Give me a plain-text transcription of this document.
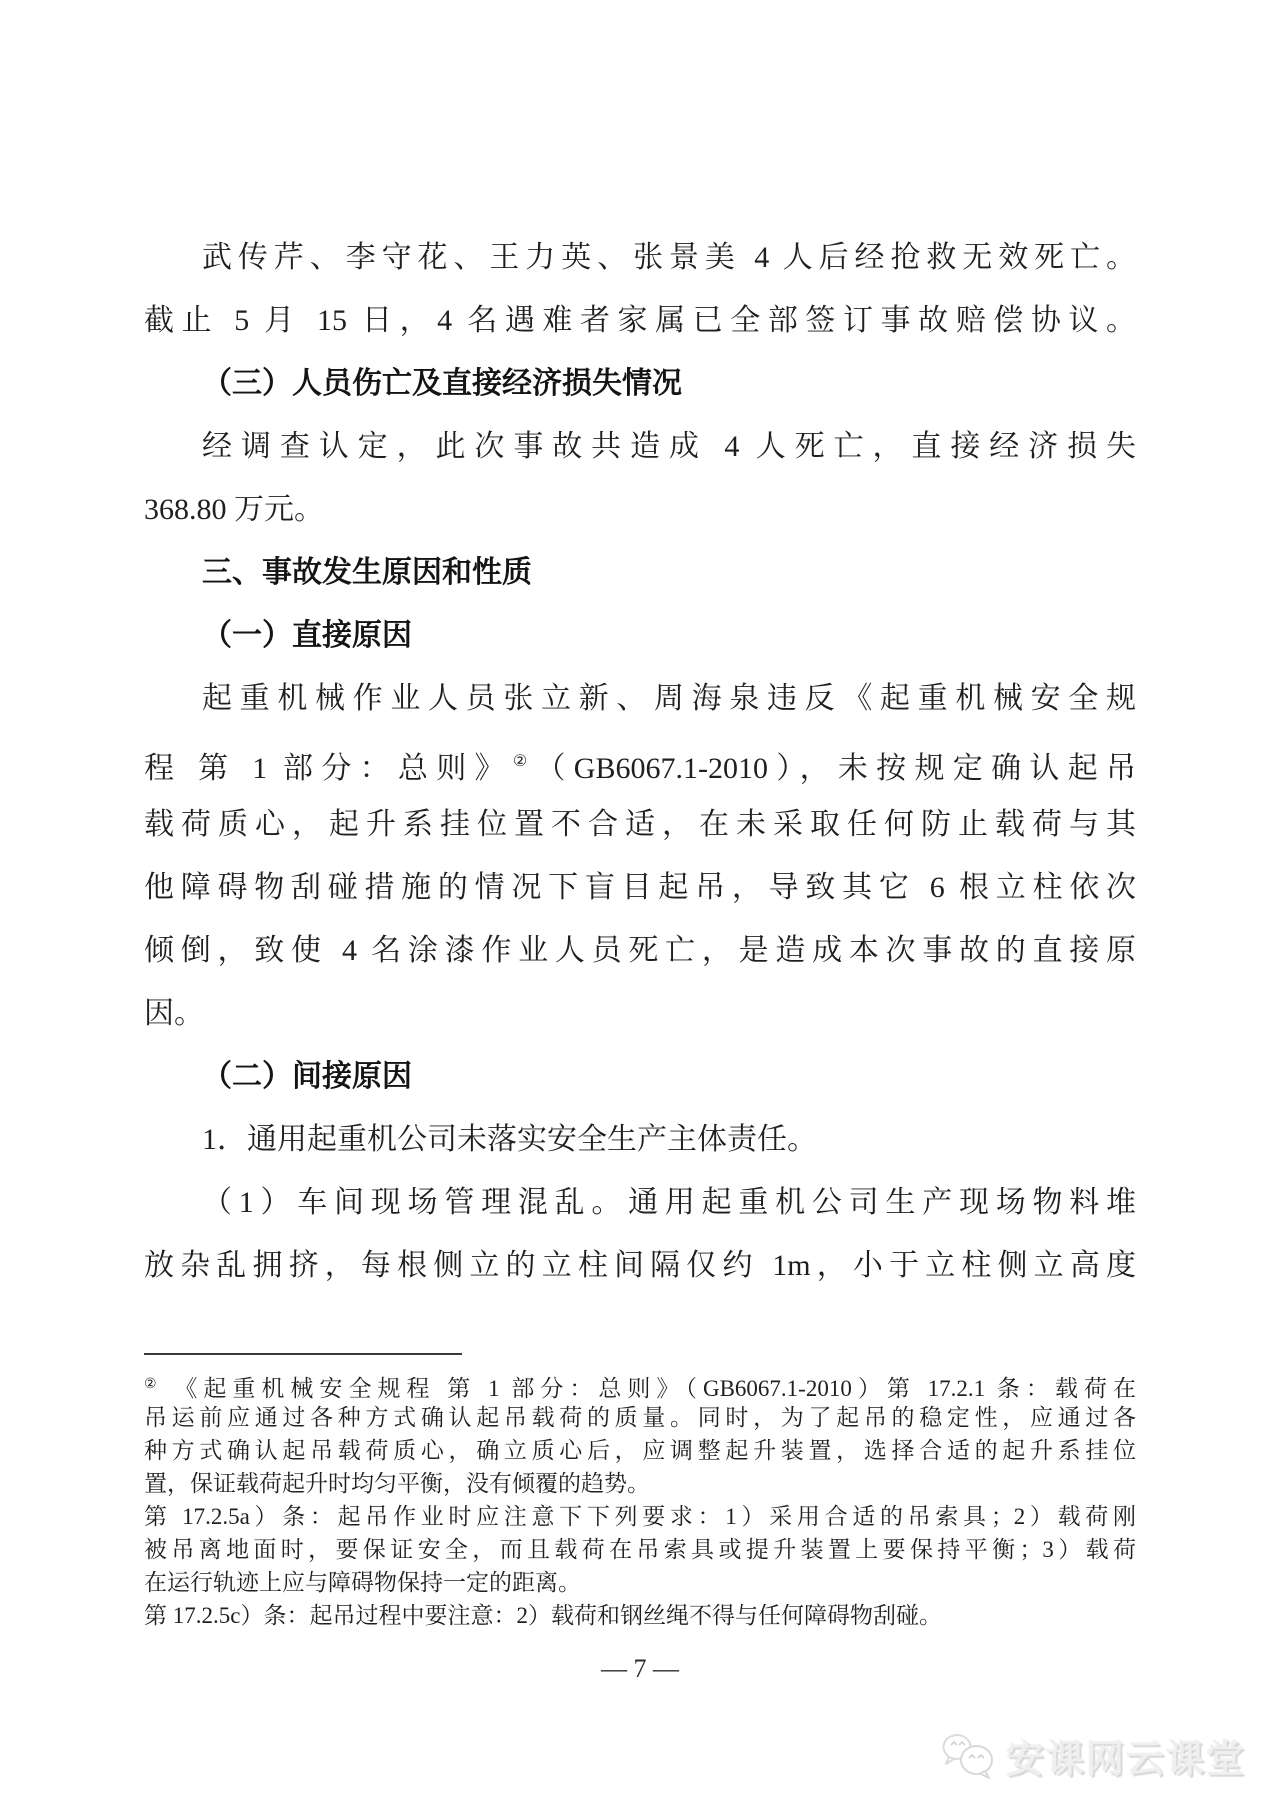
武传芹、李守花、王力英、张景美 4 人后经抢救无效死亡。
截止 5 月 15 日，4 名遇难者家属已全部签订事故赔偿协议。
（三）人员伤亡及直接经济损失情况
经调查认定，此次事故共造成 4 人死亡，直接经济损失
368.80 万元。
三、事故发生原因和性质
（一）直接原因
起重机械作业人员张立新、周海泉违反《起重机械安全规
程 第 1 部分：总则》②（GB6067.1-2010），未按规定确认起吊
载荷质心，起升系挂位置不合适，在未采取任何防止载荷与其
他障碍物刮碰措施的情况下盲目起吊，导致其它 6 根立柱依次
倾倒，致使 4 名涂漆作业人员死亡，是造成本次事故的直接原
因。
（二）间接原因
1．通用起重机公司未落实安全生产主体责任。
（1）车间现场管理混乱。通用起重机公司生产现场物料堆
放杂乱拥挤，每根侧立的立柱间隔仅约 1m，小于立柱侧立高度
② 《起重机械安全规程 第 1 部分：总则》（GB6067.1-2010）第 17.2.1 条：载荷在
吊运前应通过各种方式确认起吊载荷的质量。同时，为了起吊的稳定性，应通过各
种方式确认起吊载荷质心，确立质心后，应调整起升装置，选择合适的起升系挂位
置，保证载荷起升时均匀平衡，没有倾覆的趋势。
第 17.2.5a）条：起吊作业时应注意下下列要求：1）采用合适的吊索具；2）载荷刚
被吊离地面时，要保证安全，而且载荷在吊索具或提升装置上要保持平衡；3）载荷
在运行轨迹上应与障碍物保持一定的距离。
第 17.2.5c）条：起吊过程中要注意：2）载荷和钢丝绳不得与任何障碍物刮碰。
— 7 —
安课网云课堂
